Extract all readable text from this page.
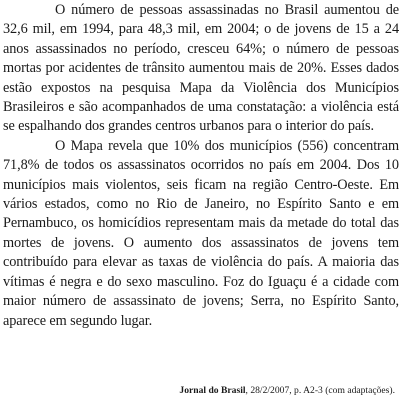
O número de pessoas assassinadas no Brasil aumentou de 32,6 mil, em 1994, para 48,3 mil, em 2004; o de jovens de 15 a 24 anos assassinados no período, cresceu 64%; o número de pessoas mortas por acidentes de trânsito aumentou mais de 20%. Esses dados estão expostos na pesquisa Mapa da Violência dos Municípios Brasileiros e são acompanhados de uma constatação: a violência está se espalhando dos grandes centros urbanos para o interior do país.

O Mapa revela que 10% dos municípios (556) concentram 71,8% de todos os assassinatos ocorridos no país em 2004. Dos 10 municípios mais violentos, seis ficam na região Centro-Oeste. Em vários estados, como no Rio de Janeiro, no Espírito Santo e em Pernambuco, os homicídios representam mais da metade do total das mortes de jovens. O aumento dos assassinatos de jovens tem contribuído para elevar as taxas de violência do país. A maioria das vítimas é negra e do sexo masculino. Foz do Iguaçu é a cidade com maior número de assassinato de jovens; Serra, no Espírito Santo, aparece em segundo lugar.

Jornal do Brasil, 28/2/2007, p. A2-3 (com adaptações).
